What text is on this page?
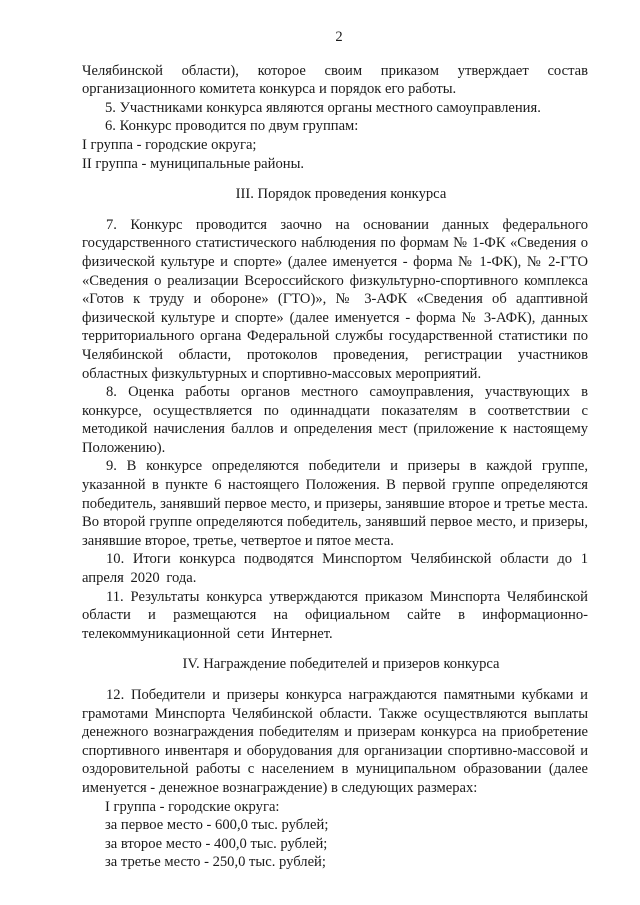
2

Челябинской области), которое своим приказом утверждает состав

организационного комитета конкурса и порядок его работы.

5. Участниками конкурса являются органы местного самоуправления.

6. Конкурс проводится по двум группам:

I группа - городские округа;

II группа - муниципальные районы.

III. Порядок проведения конкурса

7. Конкурс проводится заочно на основании данных федерального государственного статистического наблюдения по формам № 1-ФК «Сведения о физической культуре и спорте» (далее именуется - форма № 1-ФК), № 2-ГТО «Сведения о реализации Всероссийского физкультурно-спортивного комплекса «Готов к труду и обороне» (ГТО)», № 3-АФК «Сведения об адаптивной физической культуре и спорте» (далее именуется - форма № 3-АФК), данных территориального органа Федеральной службы государственной статистики по Челябинской области, протоколов проведения, регистрации участников областных физкультурных и спортивно-массовых мероприятий.

8. Оценка работы органов местного самоуправления, участвующих в конкурсе, осуществляется по одиннадцати показателям в соответствии с методикой начисления баллов и определения мест (приложение к настоящему Положению).

9. В конкурсе определяются победители и призеры в каждой группе, указанной в пункте 6 настоящего Положения. В первой группе определяются победитель, занявший первое место, и призеры, занявшие второе и третье места. Во второй группе определяются победитель, занявший первое место, и призеры, занявшие второе, третье, четвертое и пятое места.

10. Итоги конкурса подводятся Минспортом Челябинской области до 1 апреля 2020 года.

11. Результаты конкурса утверждаются приказом Минспорта Челябинской области и размещаются на официальном сайте в информационно-телекоммуникационной сети Интернет.

IV. Награждение победителей и призеров конкурса

12. Победители и призеры конкурса награждаются памятными кубками и грамотами Минспорта Челябинской области. Также осуществляются выплаты денежного вознаграждения победителям и призерам конкурса на приобретение спортивного инвентаря и оборудования для организации спортивно-массовой и оздоровительной работы с населением в муниципальном образовании (далее именуется - денежное вознаграждение) в следующих размерах:

I группа - городские округа:

за первое место - 600,0 тыс. рублей;

за второе место - 400,0 тыс. рублей;

за третье место - 250,0 тыс. рублей;
